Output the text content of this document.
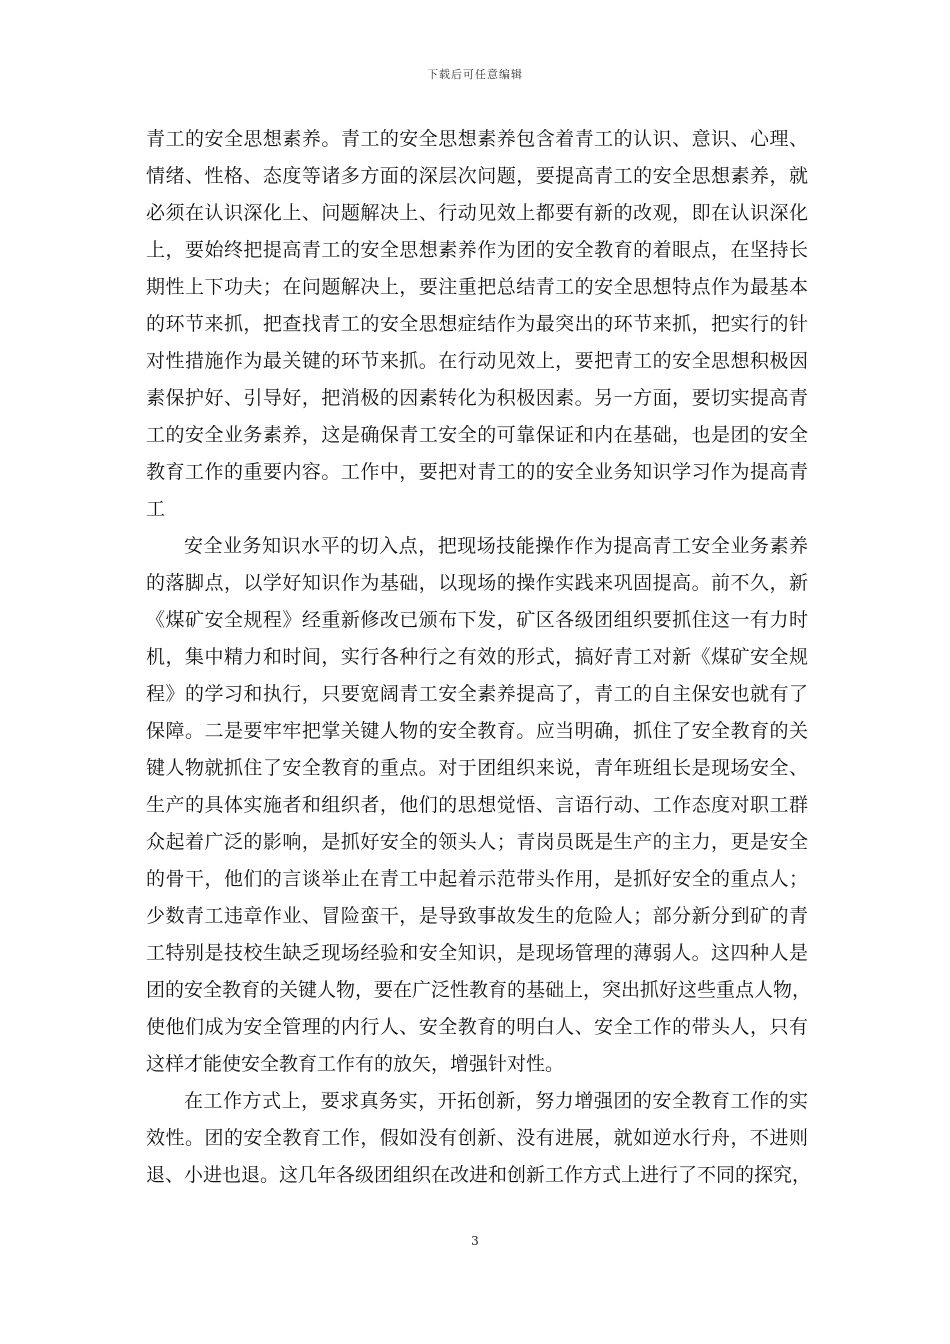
下载后可任意编辑
青工的安全思想素养。青工的安全思想素养包含着青工的认识、意识、心理、
情绪、性格、态度等诸多方面的深层次问题，要提高青工的安全思想素养，就
必须在认识深化上、问题解决上、行动见效上都要有新的改观，即在认识深化
上，要始终把提高青工的安全思想素养作为团的安全教育的着眼点，在坚持长
期性上下功夫；在问题解决上，要注重把总结青工的安全思想特点作为最基本
的环节来抓，把查找青工的安全思想症结作为最突出的环节来抓，把实行的针
对性措施作为最关键的环节来抓。在行动见效上，要把青工的安全思想积极因
素保护好、引导好，把消极的因素转化为积极因素。另一方面，要切实提高青
工的安全业务素养，这是确保青工安全的可靠保证和内在基础，也是团的安全
教育工作的重要内容。工作中，要把对青工的的安全业务知识学习作为提高青
工
安全业务知识水平的切入点，把现场技能操作作为提高青工安全业务素养
的落脚点，以学好知识作为基础，以现场的操作实践来巩固提高。前不久，新
《煤矿安全规程》经重新修改已颁布下发，矿区各级团组织要抓住这一有力时
机，集中精力和时间，实行各种行之有效的形式，搞好青工对新《煤矿安全规
程》的学习和执行，只要宽阔青工安全素养提高了，青工的自主保安也就有了
保障。二是要牢牢把掌关键人物的安全教育。应当明确，抓住了安全教育的关
键人物就抓住了安全教育的重点。对于团组织来说，青年班组长是现场安全、
生产的具体实施者和组织者，他们的思想觉悟、言语行动、工作态度对职工群
众起着广泛的影响，是抓好安全的领头人；青岗员既是生产的主力，更是安全
的骨干，他们的言谈举止在青工中起着示范带头作用，是抓好安全的重点人；
少数青工违章作业、冒险蛮干，是导致事故发生的危险人；部分新分到矿的青
工特别是技校生缺乏现场经验和安全知识，是现场管理的薄弱人。这四种人是
团的安全教育的关键人物，要在广泛性教育的基础上，突出抓好这些重点人物，
使他们成为安全管理的内行人、安全教育的明白人、安全工作的带头人，只有
这样才能使安全教育工作有的放矢，增强针对性。
在工作方式上，要求真务实，开拓创新，努力增强团的安全教育工作的实
效性。团的安全教育工作，假如没有创新、没有进展，就如逆水行舟，不进则
退、小进也退。这几年各级团组织在改进和创新工作方式上进行了不同的探究，
3
